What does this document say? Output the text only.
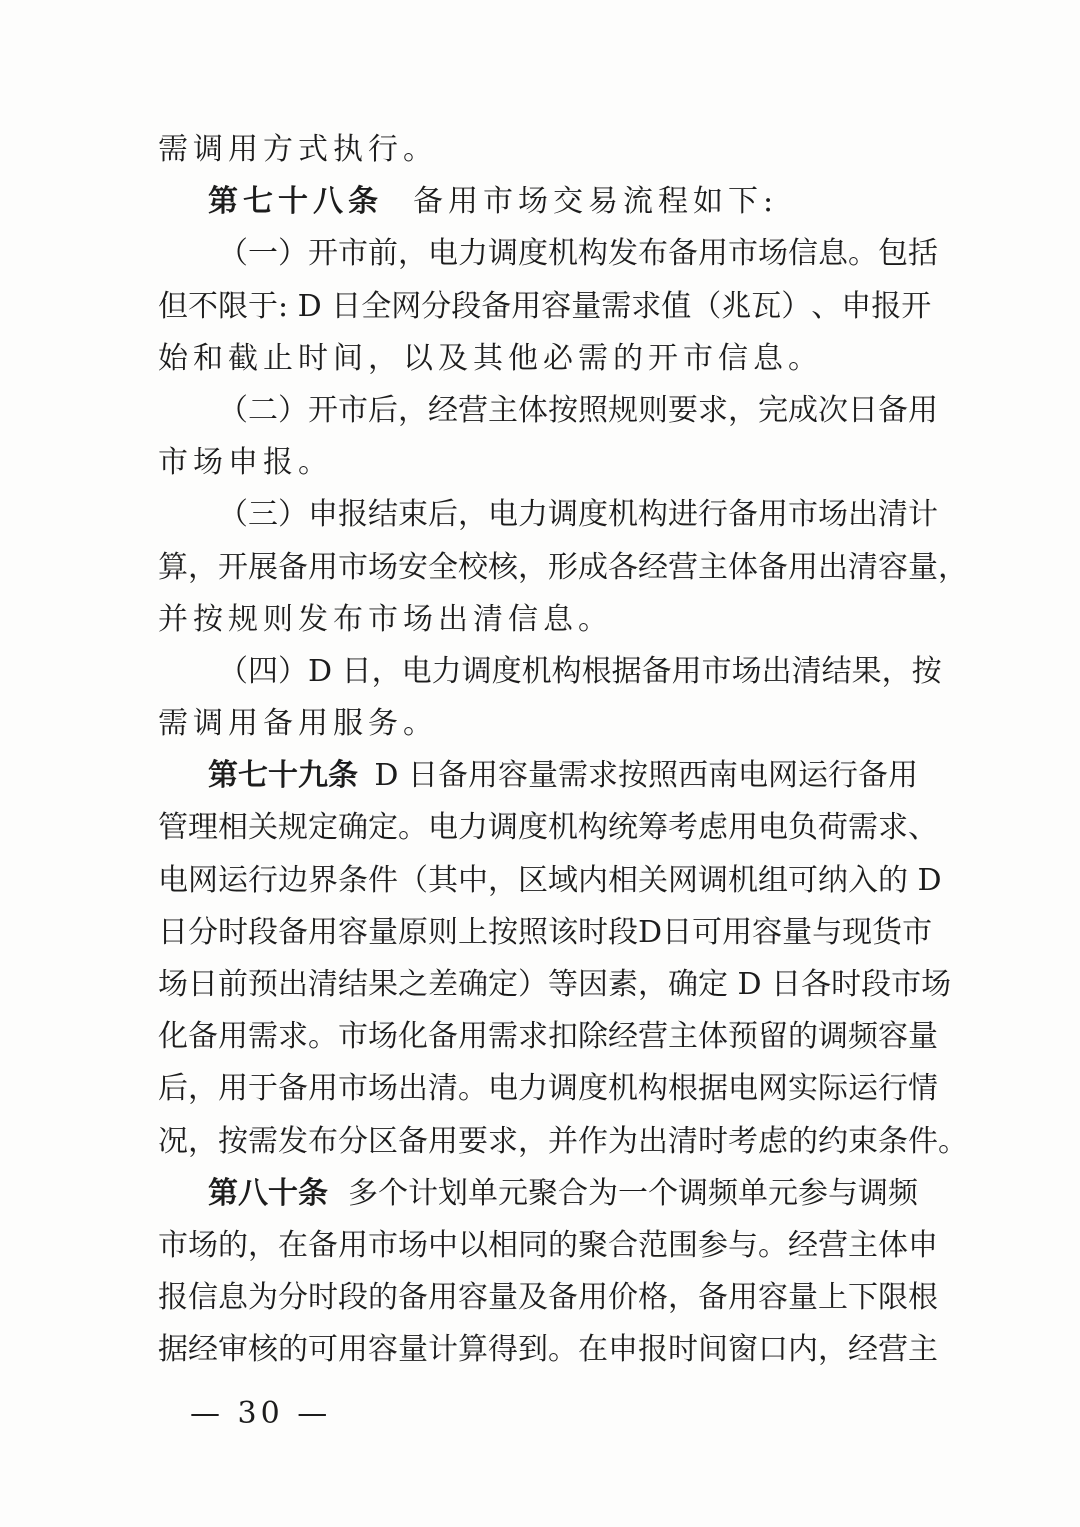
需 调 用 方 式 执 行 。
第七十八条 备 用 市 场 交 易 流 程 如 下 :
（ 一 ） 开 市 前 ， 电 力 调 度 机 构 发 布 备 用 市 场 信 息 。 包 括
但 不 限 于 :
D
日 全 网 分 段 备 用 容 量 需 求 值 （ 兆 瓦 ） 、 申 报 开
始 和 截 止 时 间 ， 以 及 其 他 必 需 的 开 市 信 息 。
（ 二 ） 开 市 后 ， 经 营 主 体 按 照 规 则 要 求 ， 完 成 次 日 备 用
市 场 申 报 。
（ 三 ） 申 报 结 束 后 ， 电 力 调 度 机 构 进 行 备 用 市 场 出 清 计
算 ， 开 展 备 用 市 场 安 全 校 核 ， 形 成 各 经 营 主 体 备 用 出 清 容 量 ，
并 按 规 则 发 布 市 场 出 清 信 息 。
（ 四 ） D
日 ， 电 力 调 度 机 构 根 据 备 用 市 场 出 清 结 果 ， 按
需 调 用 备 用 服 务 。
第七十九条 D
日 备 用 容 量 需 求 按 照 西 南 电 网 运 行 备 用
管 理 相 关 规 定 确 定 。 电 力 调 度 机 构 统 筹 考 虑 用 电 负 荷 需 求 、
电 网 运 行 边 界 条 件 （ 其 中 ， 区 域 内 相 关 网 调 机 组 可 纳 入 的
D
日 分 时 段 备 用 容 量 原 则 上 按 照 该 时 段 D 日 可 用 容 量 与 现 货 市
场 日 前 预 出 清 结 果 之 差 确 定 ） 等 因 素 ， 确 定
D
日 各 时 段 市 场
化 备 用 需 求 。 市 场 化 备 用 需 求 扣 除 经 营 主 体 预 留 的 调 频 容 量
后 ， 用 于 备 用 市 场 出 清 。 电 力 调 度 机 构 根 据 电 网 实 际 运 行 情
况 ， 按 需 发 布 分 区 备 用 要 求 ， 并 作 为 出 清 时 考 虑 的 约 束 条 件 。
第八十条 多 个 计 划 单 元 聚 合 为 一 个 调 频 单 元 参 与 调 频
市 场 的 ， 在 备 用 市 场 中 以 相 同 的 聚 合 范 围 参 与 。 经 营 主 体 申
报 信 息 为 分 时 段 的 备 用 容 量 及 备 用 价 格 ， 备 用 容 量 上 下 限 根
据 经 审 核 的 可 用 容 量 计 算 得 到 。 在 申 报 时 间 窗 口 内 ， 经 营 主
— 30 —
